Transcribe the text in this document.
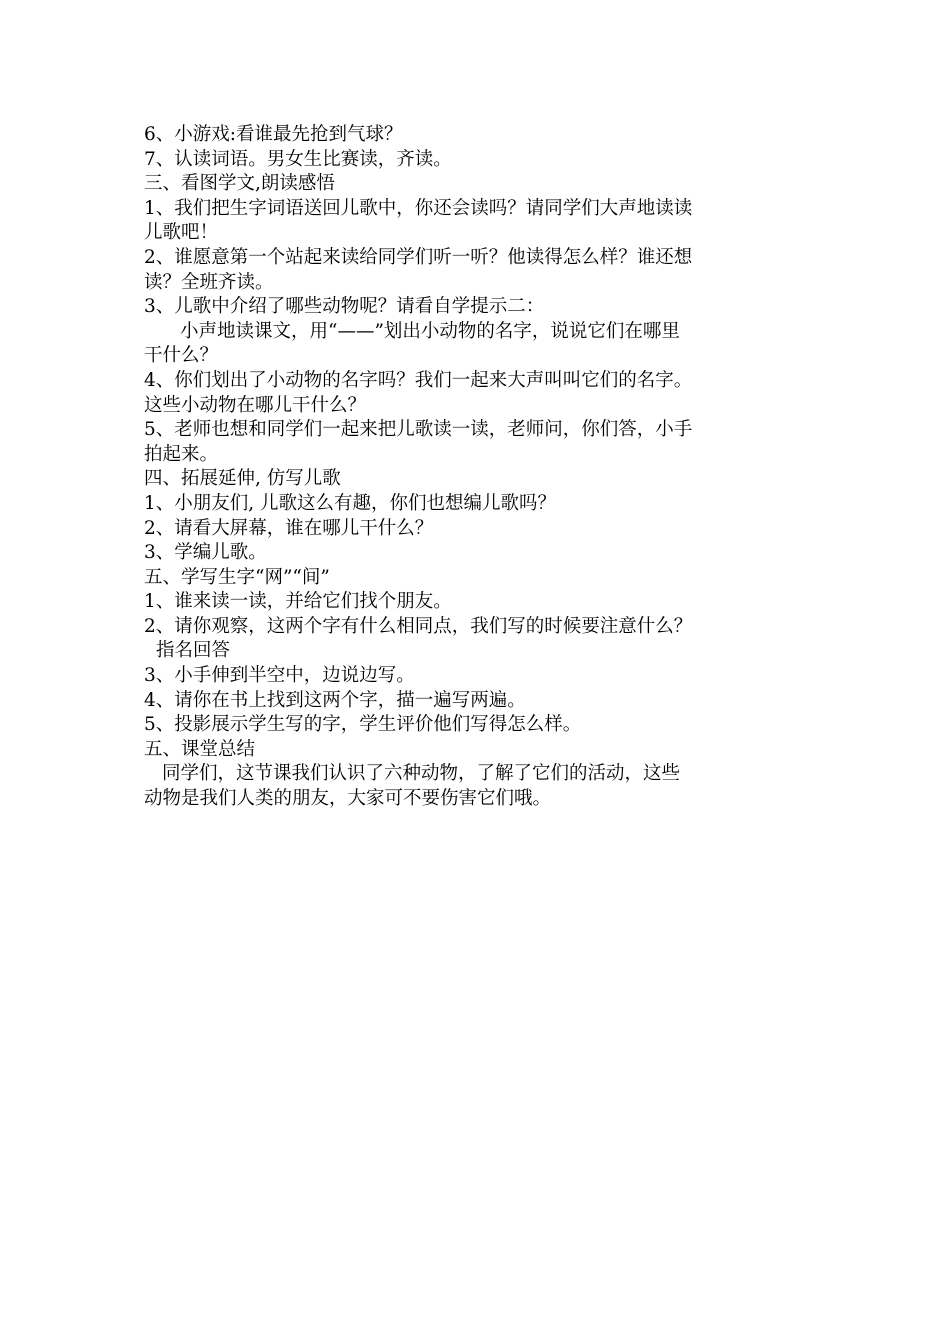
6、小游戏:看谁最先抢到气球？
7、认读词语。男女生比赛读，齐读。
三、看图学文,朗读感悟
1、我们把生字词语送回儿歌中，你还会读吗？请同学们大声地读读
儿歌吧！
2、谁愿意第一个站起来读给同学们听一听？他读得怎么样？谁还想
读？全班齐读。
3、儿歌中介绍了哪些动物呢？请看自学提示二：
小声地读课文，用“——”划出小动物的名字，说说它们在哪里
干什么？
4、你们划出了小动物的名字吗？我们一起来大声叫叫它们的名字。
这些小动物在哪儿干什么？
5、老师也想和同学们一起来把儿歌读一读，老师问，你们答，小手
拍起来。
四、拓展延伸, 仿写儿歌
1、小朋友们, 儿歌这么有趣，你们也想编儿歌吗？
2、请看大屏幕，谁在哪儿干什么？
3、学编儿歌。
五、学写生字“网”“间”
1、谁来读一读，并给它们找个朋友。
2、请你观察，这两个字有什么相同点，我们写的时候要注意什么？
指名回答
3、小手伸到半空中，边说边写。
4、请你在书上找到这两个字，描一遍写两遍。
5、投影展示学生写的字，学生评价他们写得怎么样。
五、课堂总结
同学们，这节课我们认识了六种动物，了解了它们的活动，这些
动物是我们人类的朋友，大家可不要伤害它们哦。
